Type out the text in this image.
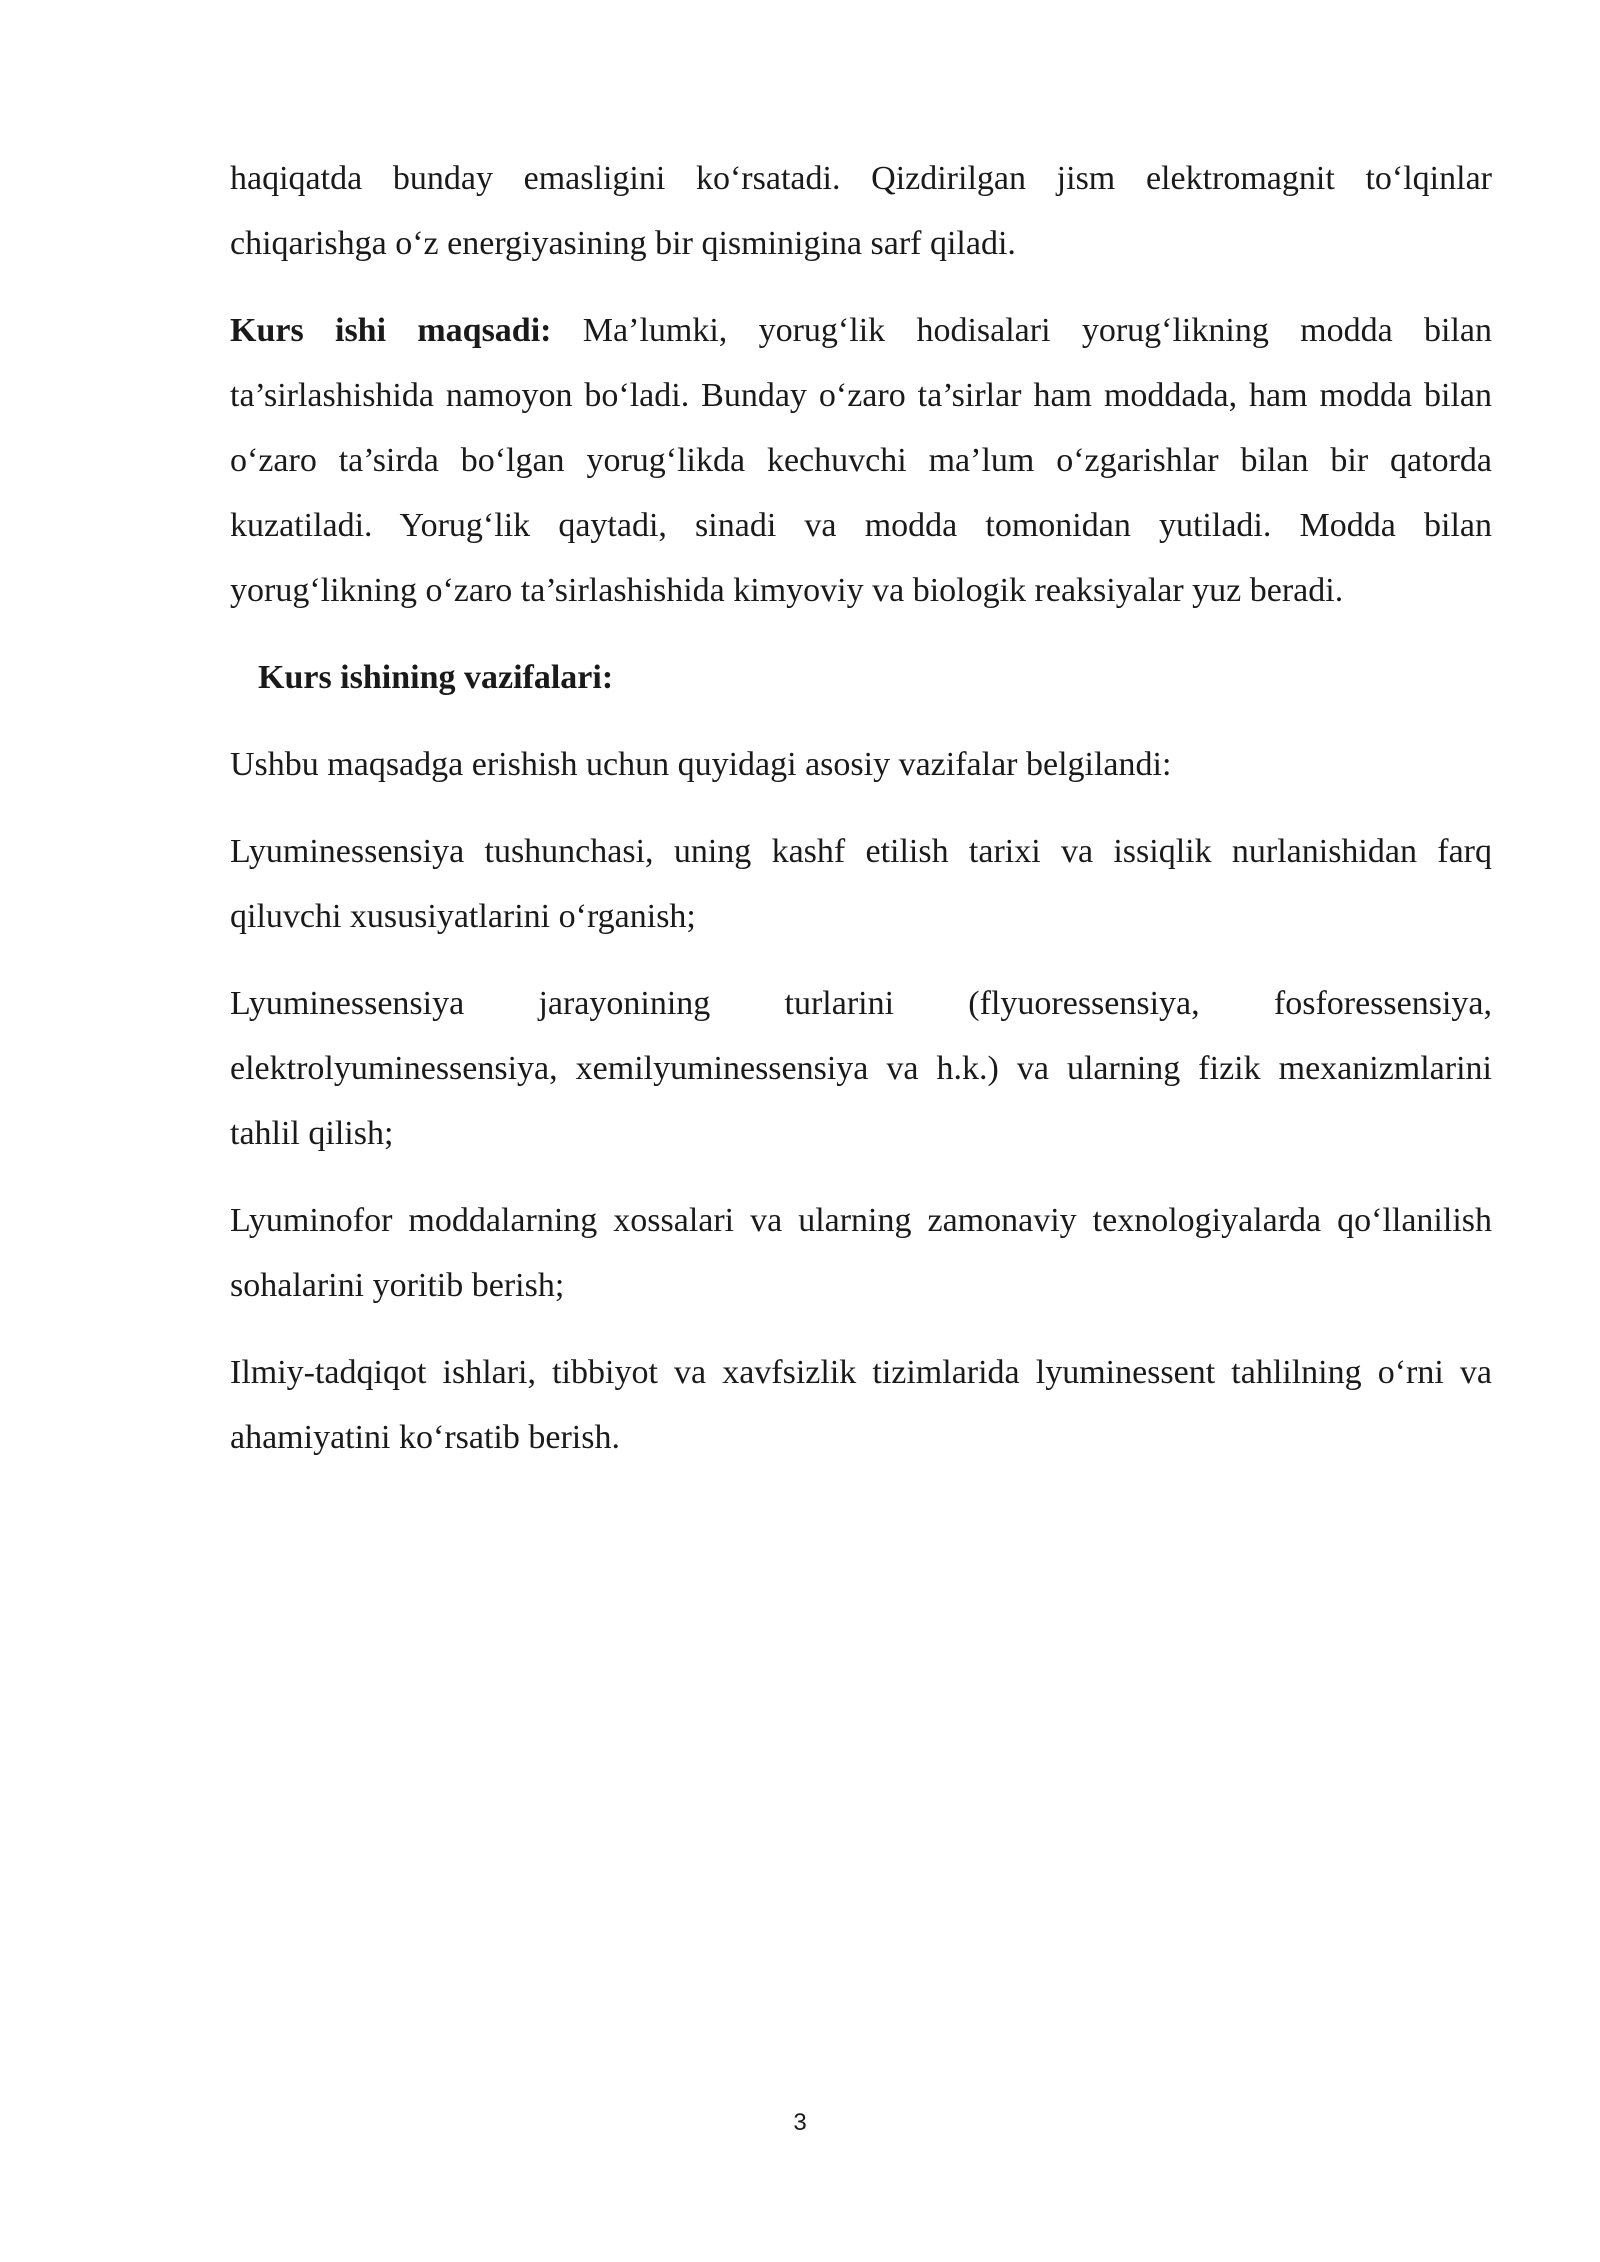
haqiqatda bunday emasligini ko‘rsatadi. Qizdirilgan jism elektromagnit to‘lqinlar chiqarishga o‘z energiyasining bir qisminigina sarf qiladi.

Kurs ishi maqsadi: Ma’lumki, yorug‘lik hodisalari yorug‘likning modda bilan ta’sirlashishida namoyon bo‘ladi. Bunday o‘zaro ta’sirlar ham moddada, ham modda bilan o‘zaro ta’sirda bo‘lgan yorug‘likda kechuvchi ma’lum o‘zgarishlar bilan bir qatorda kuzatiladi. Yorug‘lik qaytadi, sinadi va modda tomonidan yutiladi. Modda bilan yorug‘likning o‘zaro ta’sirlashishida kimyoviy va biologik reaksiyalar yuz beradi.

Kurs ishining vazifalari:

Ushbu maqsadga erishish uchun quyidagi asosiy vazifalar belgilandi:

Lyuminessensiya tushunchasi, uning kashf etilish tarixi va issiqlik nurlanishidan farq qiluvchi xususiyatlarini o‘rganish;

Lyuminessensiya jarayonining turlarini (flyuoressensiya, fosforessensiya, elektrolyuminessensiya, xemilyuminessensiya va h.k.) va ularning fizik mexanizmlarini tahlil qilish;

Lyuminofor moddalarning xossalari va ularning zamonaviy texnologiyalarda qo‘llanilish sohalarini yoritib berish;

Ilmiy-tadqiqot ishlari, tibbiyot va xavfsizlik tizimlarida lyuminessent tahlilning o‘rni va ahamiyatini ko‘rsatib berish.

3
